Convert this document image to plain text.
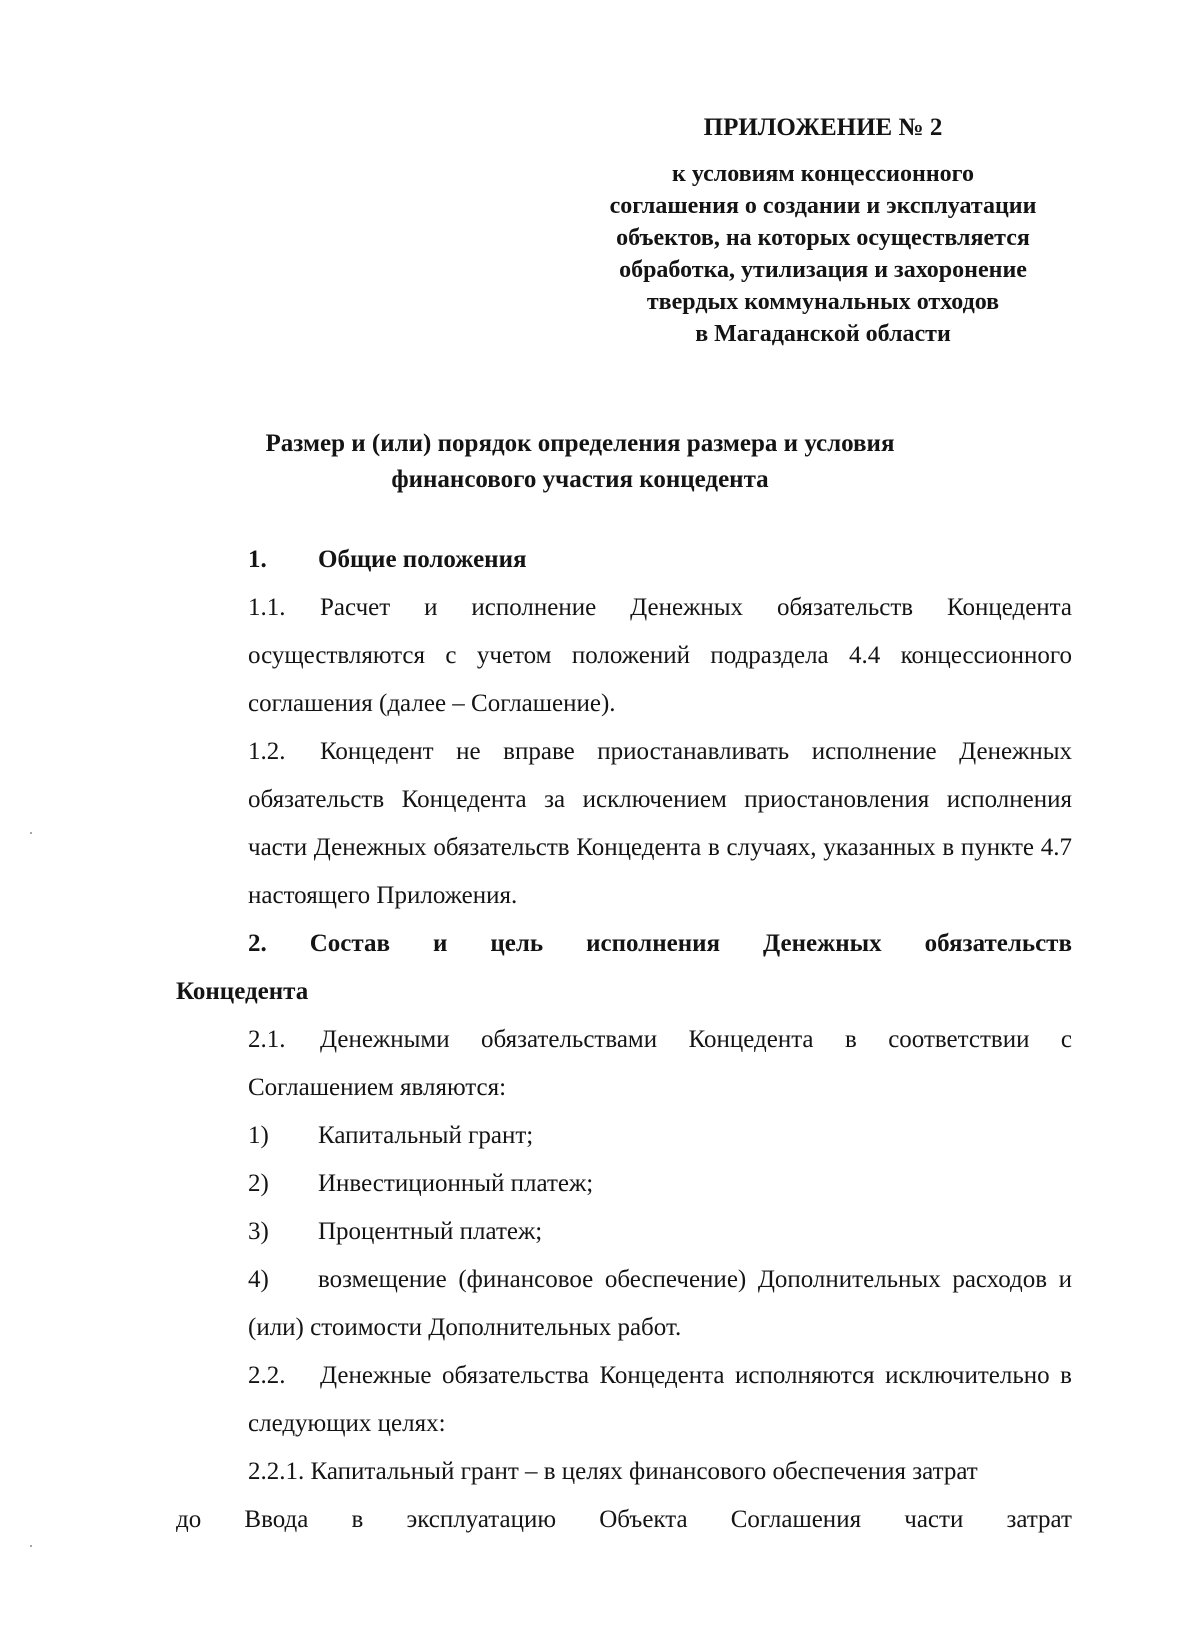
ПРИЛОЖЕНИЕ № 2
к условиям концессионного
соглашения о создании и эксплуатации
объектов, на которых осуществляется
обработка, утилизация и захоронение
твердых коммунальных отходов
в Магаданской области
Размер и (или) порядок определения размера и условия
финансового участия концедента
1. Общие положения
1.1. Расчет и исполнение Денежных обязательств Концедента осуществляются с учетом положений подраздела 4.4 концессионного соглашения (далее – Соглашение).
1.2. Концедент не вправе приостанавливать исполнение Денежных обязательств Концедента за исключением приостановления исполнения части Денежных обязательств Концедента в случаях, указанных в пункте 4.7 настоящего Приложения.
2. Состав и цель исполнения Денежных обязательств
Концедента
2.1. Денежными обязательствами Концедента в соответствии с Соглашением являются:
1) Капитальный грант;
2) Инвестиционный платеж;
3) Процентный платеж;
4) возмещение (финансовое обеспечение) Дополнительных расходов и (или) стоимости Дополнительных работ.
2.2. Денежные обязательства Концедента исполняются исключительно в следующих целях:
2.2.1. Капитальный грант – в целях финансового обеспечения затрат
до Ввода в эксплуатацию Объекта Соглашения части затрат
